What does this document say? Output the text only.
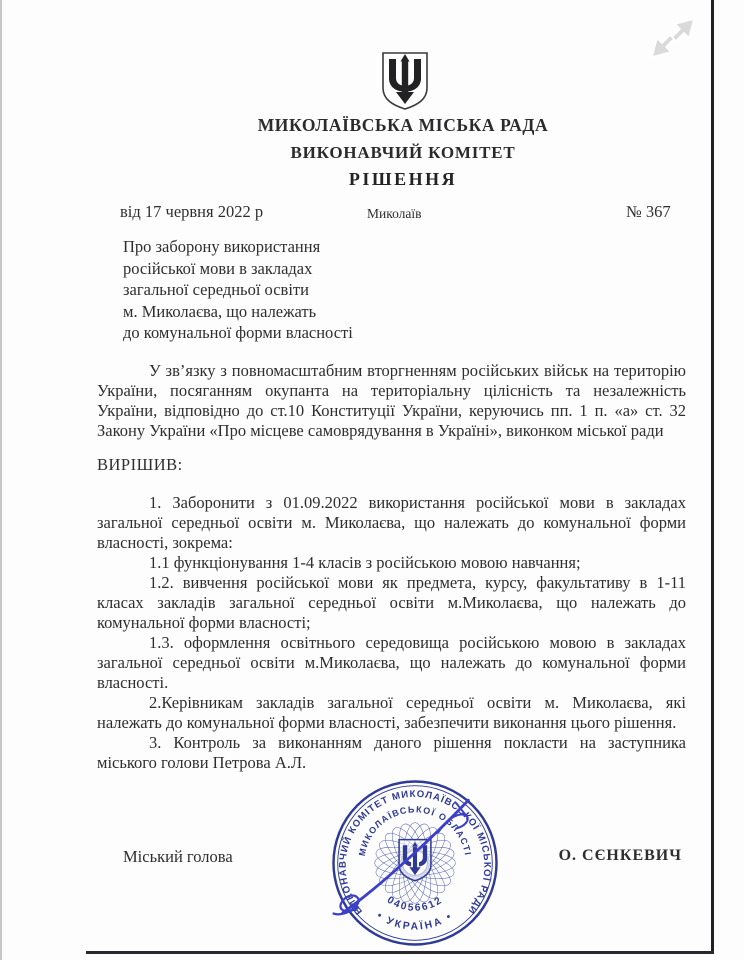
МИКОЛАЇВСЬКА МІСЬКА РАДА
ВИКОНАВЧИЙ КОМІТЕТ
РІШЕННЯ
від 17 червня 2022 р	Миколаїв	№ 367
Про заборону використання
російської мови в закладах
загальної середньої освіти
м. Миколаєва, що належать
до комунальної форми власності

У зв’язку з повномасштабним вторгненням російських військ на територію України, посяганням окупанта на територіальну цілісність та незалежність України, відповідно до ст.10 Конституції України, керуючись пп. 1 п. «а» ст. 32 Закону України «Про місцеве самоврядування в Україні», виконком міської ради

ВИРІШИВ:

1. Заборонити з 01.09.2022 використання російської мови в закладах загальної середньої освіти м. Миколаєва, що належать до комунальної форми власності, зокрема:

1.1 функціонування 1-4 класів з російською мовою навчання;

1.2. вивчення російської мови як предмета, курсу, факультативу в 1-11 класах закладів загальної середньої освіти м.Миколаєва, що належать до комунальної форми власності;

1.3. оформлення освітнього середовища російською мовою в закладах загальної середньої освіти м.Миколаєва, що належать до комунальної форми власності.

2.Керівникам закладів загальної середньої освіти м. Миколаєва, які належать до комунальної форми власності, забезпечити виконання цього рішення.

3. Контроль за виконанням даного рішення покласти на заступника міського голови Петрова А.Л.

Міський голова	О. СЄНКЕВИЧ
ВИКОНАВЧИЙ КОМІТЕТ МИКОЛАЇВСЬКОЇ МІСЬКОЇ РАДИ
МИКОЛАЇВСЬКОЇ ОБЛАСТІ
04056612
• УКРАЇНА •
